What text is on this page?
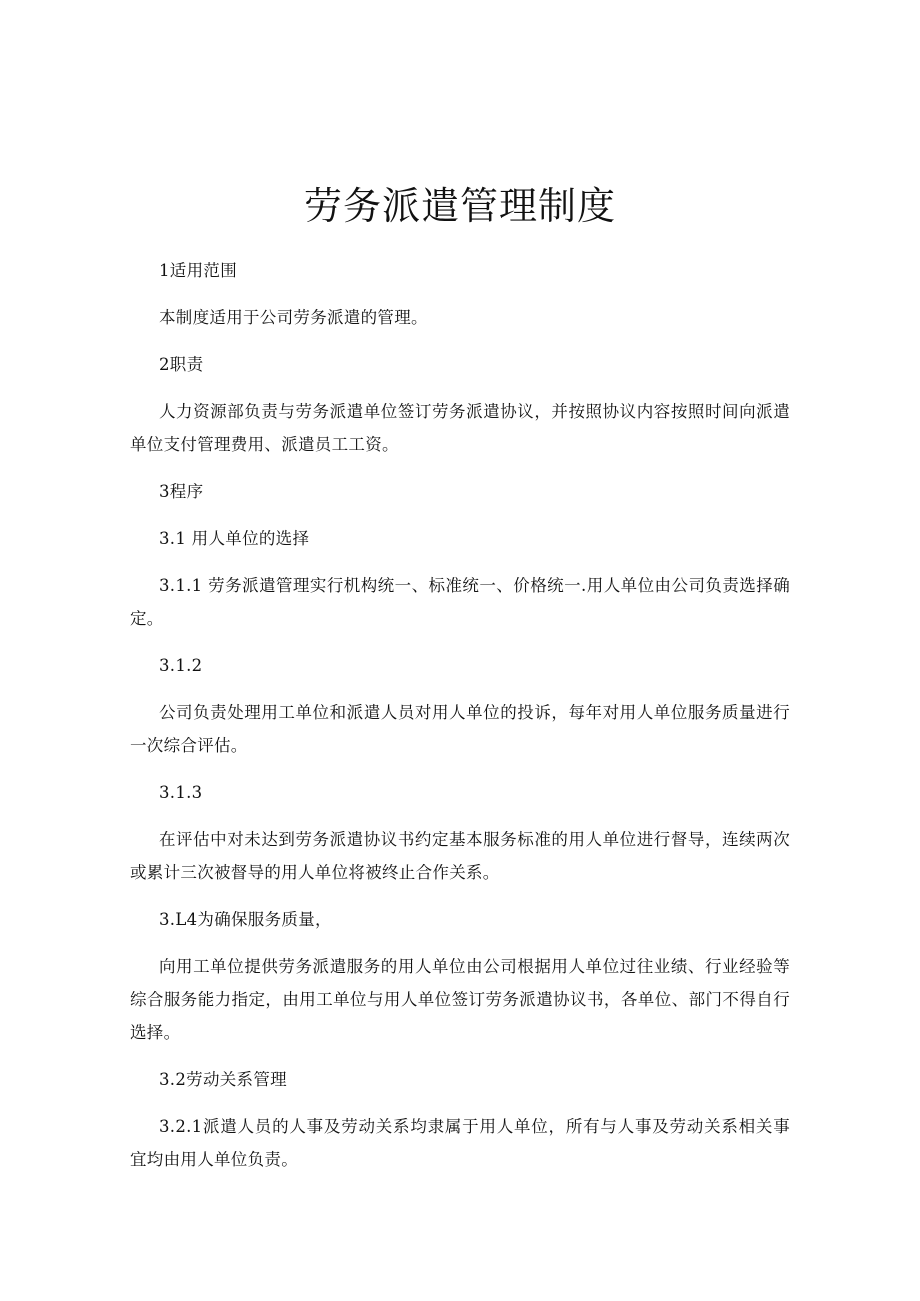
劳务派遣管理制度

1适用范围

本制度适用于公司劳务派遣的管理。

2职责

人力资源部负责与劳务派遣单位签订劳务派遣协议，并按照协议内容按照时间向派遣单位支付管理费用、派遣员工工资。

3程序

3.1 用人单位的选择

3.1.1 劳务派遣管理实行机构统一、标准统一、价格统一.用人单位由公司负责选择确定。

3.1.2

公司负责处理用工单位和派遣人员对用人单位的投诉，每年对用人单位服务质量进行一次综合评估。

3.1.3

在评估中对未达到劳务派遣协议书约定基本服务标准的用人单位进行督导，连续两次或累计三次被督导的用人单位将被终止合作关系。

3.L4为确保服务质量，

向用工单位提供劳务派遣服务的用人单位由公司根据用人单位过往业绩、行业经验等综合服务能力指定，由用工单位与用人单位签订劳务派遣协议书，各单位、部门不得自行选择。

3.2劳动关系管理

3.2.1派遣人员的人事及劳动关系均隶属于用人单位，所有与人事及劳动关系相关事宜均由用人单位负责。
